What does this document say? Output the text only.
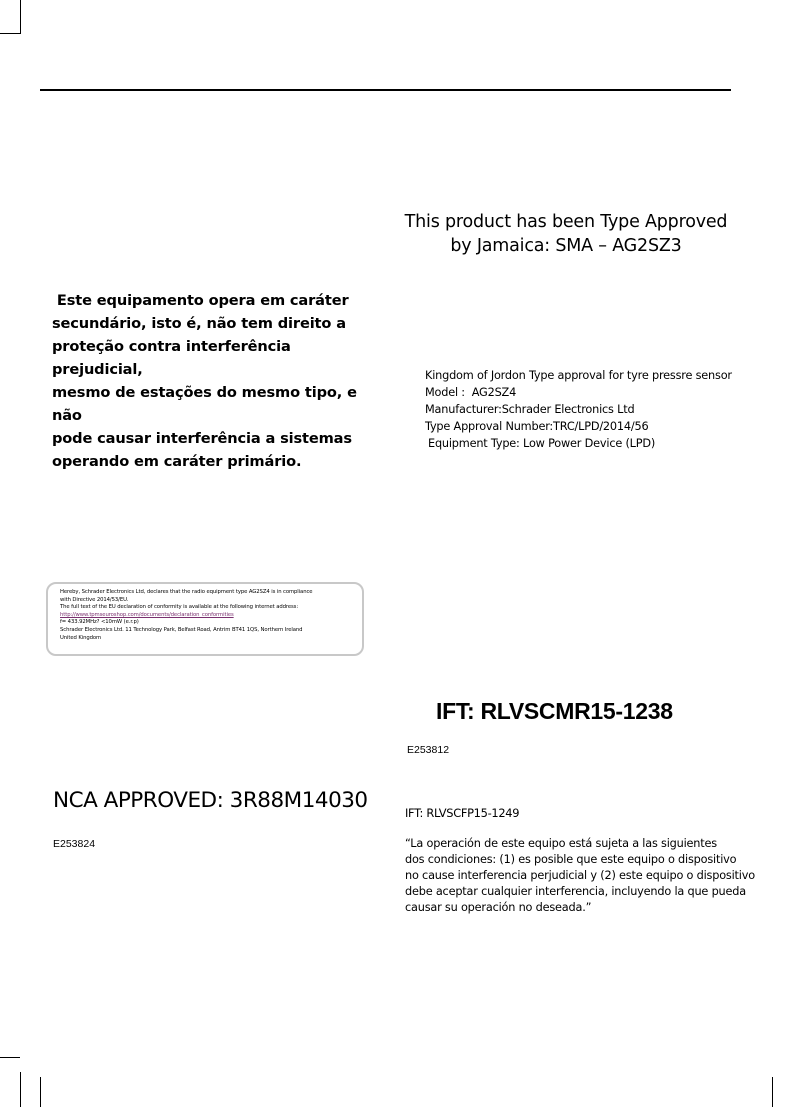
This product has been Type Approved
by Jamaica: SMA – AG2SZ3
Este equipamento opera em caráter
secundário, isto é, não tem direito a
proteção contra interferência prejudicial,
mesmo de estações do mesmo tipo, e não
pode causar interferência a sistemas
operando em caráter primário.
Kingdom of Jordon Type approval for tyre pressre sensor
Model :  AG2SZ4
Manufacturer:Schrader Electronics Ltd
Type Approval Number:TRC/LPD/2014/56
Equipment Type: Low Power Device (LPD)
Hereby, Schrader Electronics Ltd, declares that the radio equipment type AG2SZ4 is in compliance
with Directive 2014/53/EU.
The full text of the EU declaration of conformity is available at the following internet address:
http://www.tpmseuroshop.com/documents/declaration_conformities
f= 433.92MHz? <10mW (e.r.p)
Schrader Electronics Ltd. 11 Technology Park, Belfast Road, Antrim BT41 1QS, Northern Ireland
United Kingdom
IFT: RLVSCMR15-1238
E253812
NCA APPROVED: 3R88M14030
E253824
IFT: RLVSCFP15-1249
“La operación de este equipo está sujeta a las siguientes
dos condiciones: (1) es posible que este equipo o dispositivo
no cause interferencia perjudicial y (2) este equipo o dispositivo
debe aceptar cualquier interferencia, incluyendo la que pueda
causar su operación no deseada.”
